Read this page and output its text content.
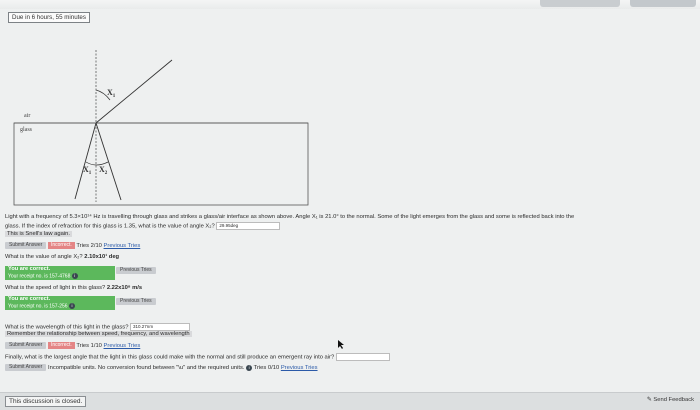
Due in 6 hours, 55 minutes
air
glass
$X_1$
$X_1$ $X_2$
Light with a frequency of 5.3×10¹⁴ Hz is travelling through glass and strikes a glass/air interface as shown above. Angle X₁ is 21.0° to the normal. Some of the light emerges from the glass and some is reflected back into the
glass. If the index of refraction for this glass is 1.35, what is the value of angle X₂? 29.95deg
This is Snell's law again.
Submit Answer Incorrect. Tries 2/10 Previous Tries
What is the value of angle X₂? 2.10x10¹ deg
You are correct.
Your receipt no. is 157-4768 i
Previous Tries
What is the speed of light in this glass? 2.22x10⁸ m/s
You are correct.
Your receipt no. is 157-256 i
Previous Tries
What is the wavelength of this light in the glass? 310.27nm
Remember the relationship between speed, frequency, and wavelength
Submit Answer Incorrect. Tries 1/10 Previous Tries
Finally, what is the largest angle that the light in this glass could make with the normal and still produce an emergent ray into air?
Submit Answer Incompatible units. No conversion found between "\u" and the required units. i Tries 0/10 Previous Tries
This discussion is closed.	✎ Send Feedback
